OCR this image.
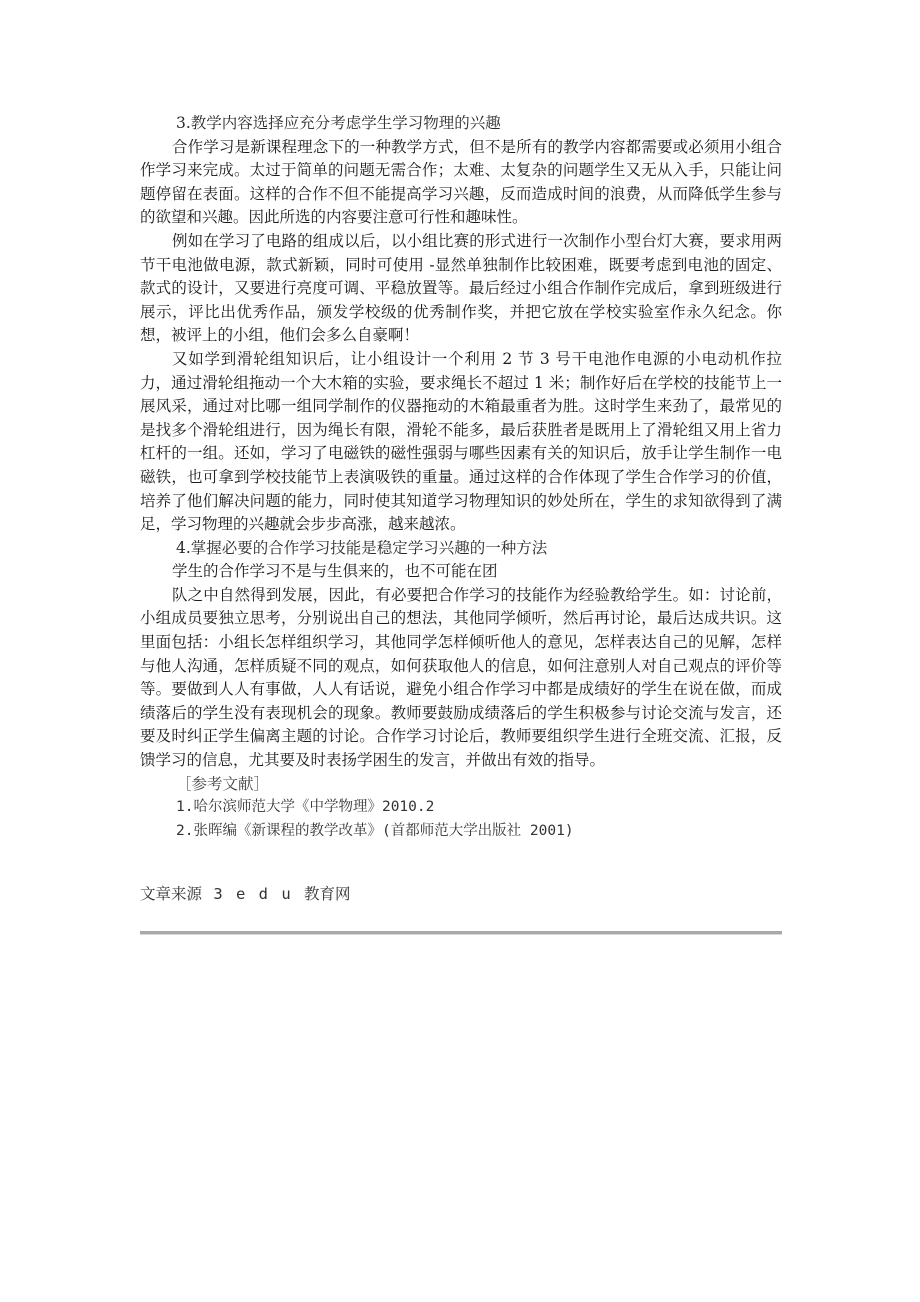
3.教学内容选择应充分考虑学生学习物理的兴趣

合作学习是新课程理念下的一种教学方式，但不是所有的教学内容都需要或必须用小组合作学习来完成。太过于简单的问题无需合作；太难、太复杂的问题学生又无从入手，只能让问题停留在表面。这样的合作不但不能提高学习兴趣，反而造成时间的浪费，从而降低学生参与的欲望和兴趣。因此所选的内容要注意可行性和趣味性。

例如在学习了电路的组成以后，以小组比赛的形式进行一次制作小型台灯大赛，要求用两节干电池做电源，款式新颖，同时可使用 -显然单独制作比较困难，既要考虑到电池的固定、款式的设计，又要进行亮度可调、平稳放置等。最后经过小组合作制作完成后，拿到班级进行展示，评比出优秀作品，颁发学校级的优秀制作奖，并把它放在学校实验室作永久纪念。你想，被评上的小组，他们会多么自豪啊！

又如学到滑轮组知识后，让小组设计一个利用 2 节 3 号干电池作电源的小电动机作拉力，通过滑轮组拖动一个大木箱的实验，要求绳长不超过 1 米；制作好后在学校的技能节上一展风采，通过对比哪一组同学制作的仪器拖动的木箱最重者为胜。这时学生来劲了，最常见的是找多个滑轮组进行，因为绳长有限，滑轮不能多，最后获胜者是既用上了滑轮组又用上省力杠杆的一组。还如，学习了电磁铁的磁性强弱与哪些因素有关的知识后，放手让学生制作一电磁铁，也可拿到学校技能节上表演吸铁的重量。通过这样的合作体现了学生合作学习的价值，培养了他们解决问题的能力，同时使其知道学习物理知识的妙处所在，学生的求知欲得到了满足，学习物理的兴趣就会步步高涨，越来越浓。

4.掌握必要的合作学习技能是稳定学习兴趣的一种方法

学生的合作学习不是与生俱来的，也不可能在团

队之中自然得到发展，因此，有必要把合作学习的技能作为经验教给学生。如：讨论前，小组成员要独立思考，分别说出自己的想法，其他同学倾听，然后再讨论，最后达成共识。这里面包括：小组长怎样组织学习，其他同学怎样倾听他人的意见，怎样表达自己的见解，怎样与他人沟通，怎样质疑不同的观点，如何获取他人的信息，如何注意别人对自己观点的评价等等。要做到人人有事做，人人有话说，避免小组合作学习中都是成绩好的学生在说在做，而成绩落后的学生没有表现机会的现象。教师要鼓励成绩落后的学生积极参与讨论交流与发言，还要及时纠正学生偏离主题的讨论。合作学习讨论后，教师要组织学生进行全班交流、汇报，反馈学习的信息，尤其要及时表扬学困生的发言，并做出有效的指导。

［参考文献］

1.哈尔滨师范大学《中学物理》2010.2

2.张晖编《新课程的教学改革》(首都师范大学出版社 2001)

文章来源 3 e d u 教育网
